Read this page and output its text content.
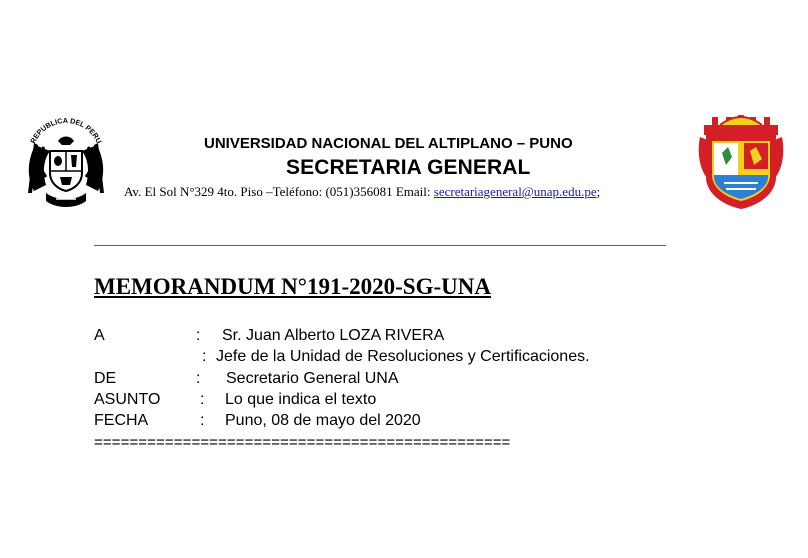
REPUBLICA DEL PERU	UNIVERSIDAD NACIONAL DEL ALTIPLANO – PUNO
SECRETARIA GENERAL
Av. El Sol N°329 4to. Piso –Teléfono: (051)356081 Email: secretariageneral@unap.edu.pe;
________________________________________________________________________________________
MEMORANDUM N°191-2020-SG-UNA
A	: Sr. Juan Alberto LOZA RIVERA
: Jefe de la Unidad de Resoluciones y Certificaciones.
DE	: Secretario General UNA
ASUNTO : Lo que indica el texto
FECHA	: Puno, 08 de mayo del 2020
===============================================
